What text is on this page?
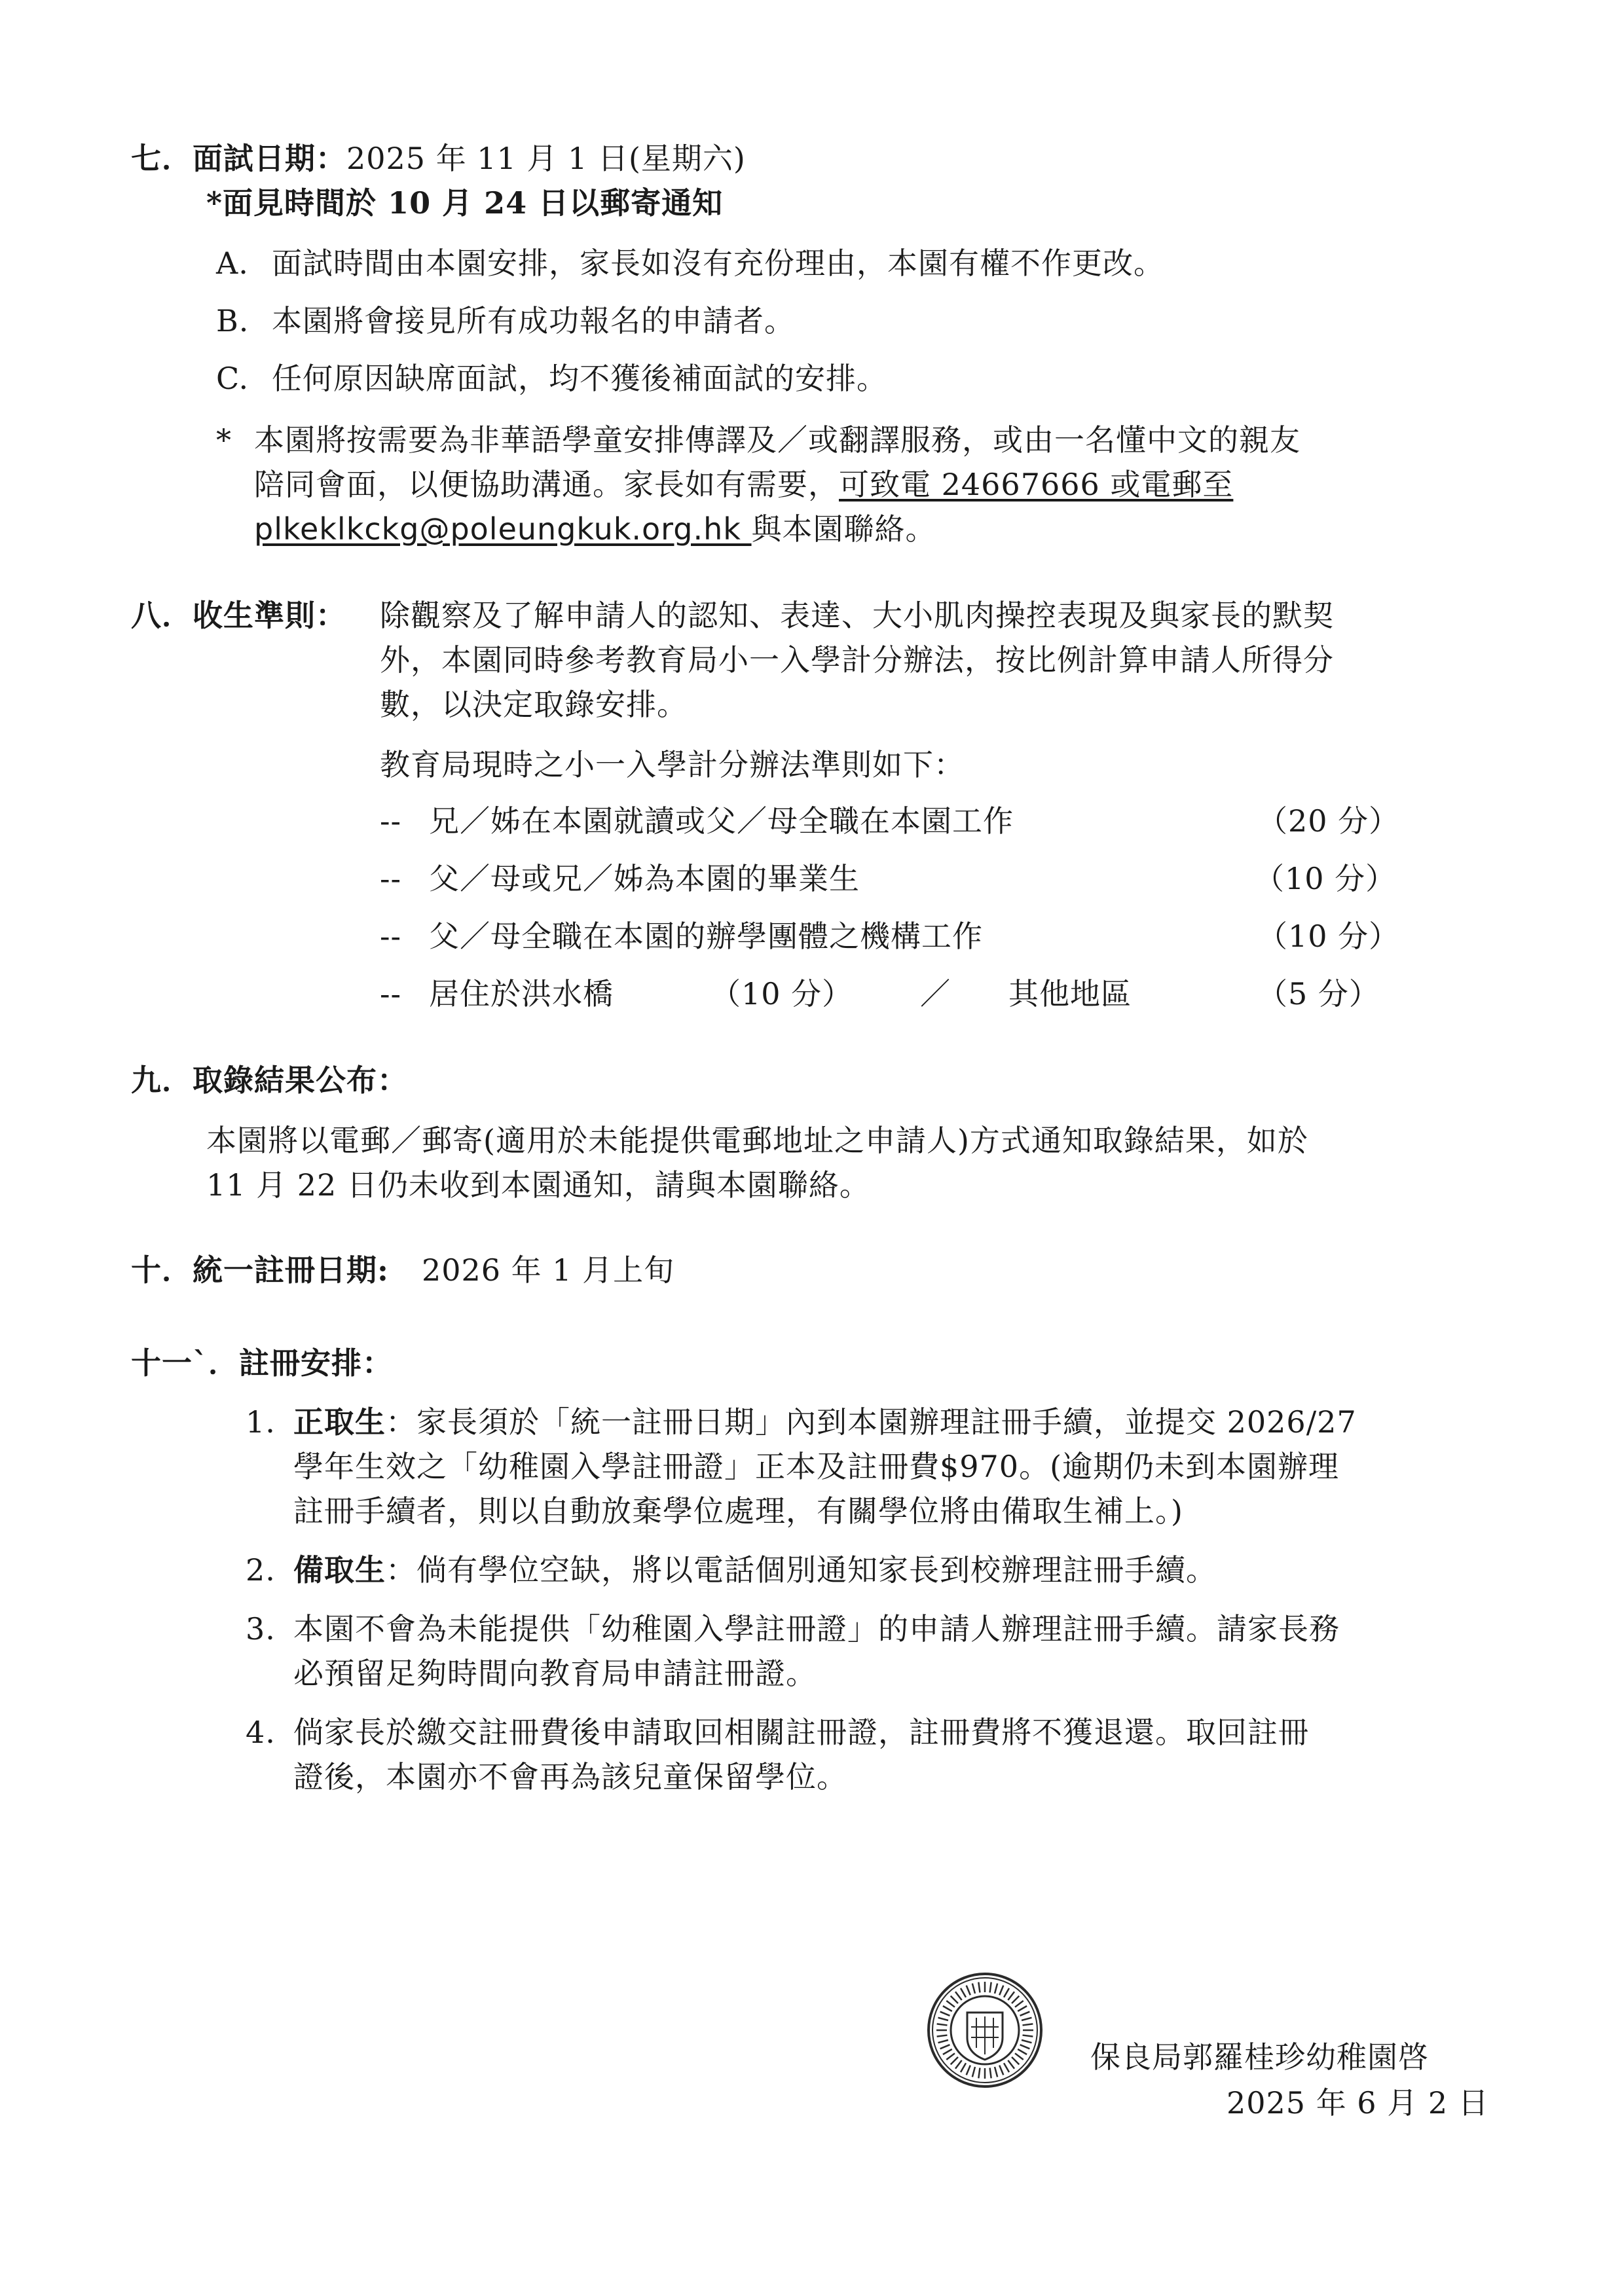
七．面試日期：2025 年 11 月 1 日(星期六)
*面見時間於 10 月 24 日以郵寄通知
A. 面試時間由本園安排，家長如沒有充份理由，本園有權不作更改。
B. 本園將會接見所有成功報名的申請者。
C. 任何原因缺席面試，均不獲後補面試的安排。
* 本園將按需要為非華語學童安排傳譯及／或翻譯服務，或由一名懂中文的親友
陪同會面，以便協助溝通。家長如有需要，可致電 24667666 或電郵至
plkeklkckg@poleungkuk.org.hk 與本園聯絡。
八．收生準則： 除觀察及了解申請人的認知、表達、大小肌肉操控表現及與家長的默契
外，本園同時參考教育局小一入學計分辦法，按比例計算申請人所得分
數，以決定取錄安排。
教育局現時之小一入學計分辦法準則如下：
-- 兄／姊在本園就讀或父／母全職在本園工作	（20 分）
-- 父／母或兄／姊為本園的畢業生	（10 分）
-- 父／母全職在本園的辦學團體之機構工作	（10 分）
-- 居住於洪水橋	（10 分） ／ 其他地區	（5 分）
九．取錄結果公布：
本園將以電郵／郵寄(適用於未能提供電郵地址之申請人)方式通知取錄結果，如於
11 月 22 日仍未收到本園通知，請與本園聯絡。
十．統一註冊日期: 2026 年 1 月上旬
十一`．註冊安排：
1. 正取生：家長須於「統一註冊日期」內到本園辦理註冊手續，並提交 2026/27
學年生效之「幼稚園入學註冊證」正本及註冊費$970。(逾期仍未到本園辦理
註冊手續者，則以自動放棄學位處理，有關學位將由備取生補上。)
2. 備取生：倘有學位空缺，將以電話個別通知家長到校辦理註冊手續。
3. 本園不會為未能提供「幼稚園入學註冊證」的申請人辦理註冊手續。請家長務
必預留足夠時間向教育局申請註冊證。
4. 倘家長於繳交註冊費後申請取回相關註冊證，註冊費將不獲退還。取回註冊
證後，本園亦不會再為該兒童保留學位。
保良局郭羅桂珍幼稚園啓
2025 年 6 月 2 日
